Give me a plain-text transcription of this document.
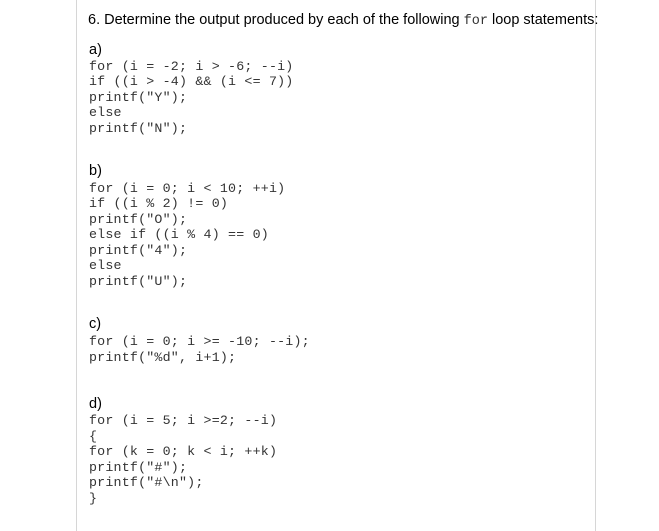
6. Determine the output produced by each of the following for loop statements:
a)
for (i = -2; i > -6; --i)
if ((i > -4) && (i <= 7))
printf("Y");
else
printf("N");
b)
for (i = 0; i < 10; ++i)
if ((i % 2) != 0)
printf("O");
else if ((i % 4) == 0)
printf("4");
else
printf("U");
c)
for (i = 0; i >= -10; --i);
printf("%d", i+1);
d)
for (i = 5; i >=2; --i)
{
for (k = 0; k < i; ++k)
printf("#");
printf("#\n");
}
